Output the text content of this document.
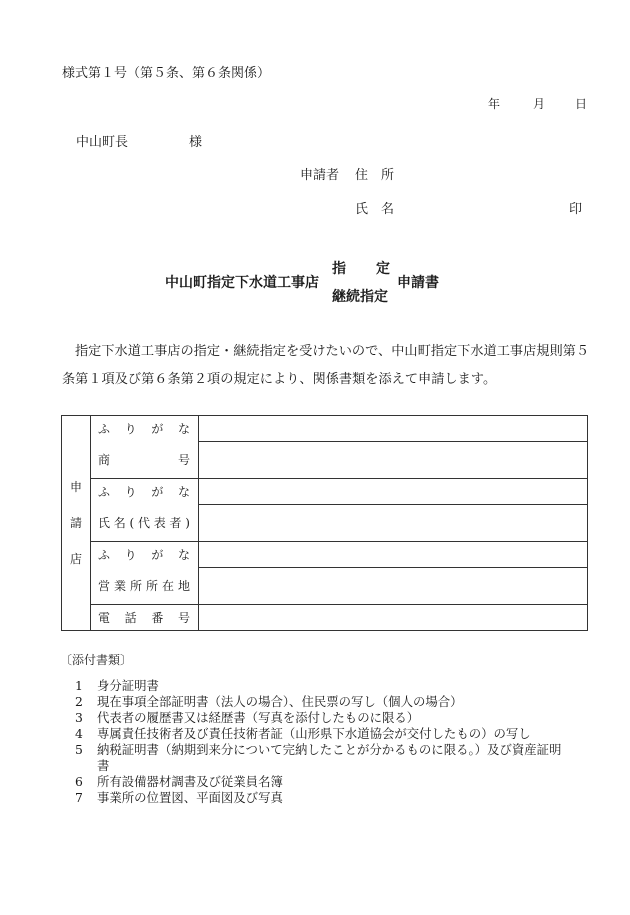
様式第１号（第５条、第６条関係）
年	月 日
中山町長	様
申請者 住　所
氏　名	印
中山町指定下水道工事店
指定
継続指定
申請書
指定下水道工事店の指定・継続指定を受けたいので、中山町指定下水道工事店規則第５条第１項及び第６条第２項の規定により、関係書類を添えて申請します。
申
請
店	ふりがな	

	商号	

	ふりがな	

	氏名(代表者)	

	ふりがな	

	営業所所在地	

	電話番号	

〔添付書類〕
1 身分証明書
2 現在事項全部証明書（法人の場合）、住民票の写し（個人の場合）
3 代表者の履歴書又は経歴書（写真を添付したものに限る）
4 専属責任技術者及び責任技術者証（山形県下水道協会が交付したもの）の写し
5 納税証明書（納期到来分について完納したことが分かるものに限る。）及び資産証明
書
6 所有設備器材調書及び従業員名簿
7 事業所の位置図、平面図及び写真
